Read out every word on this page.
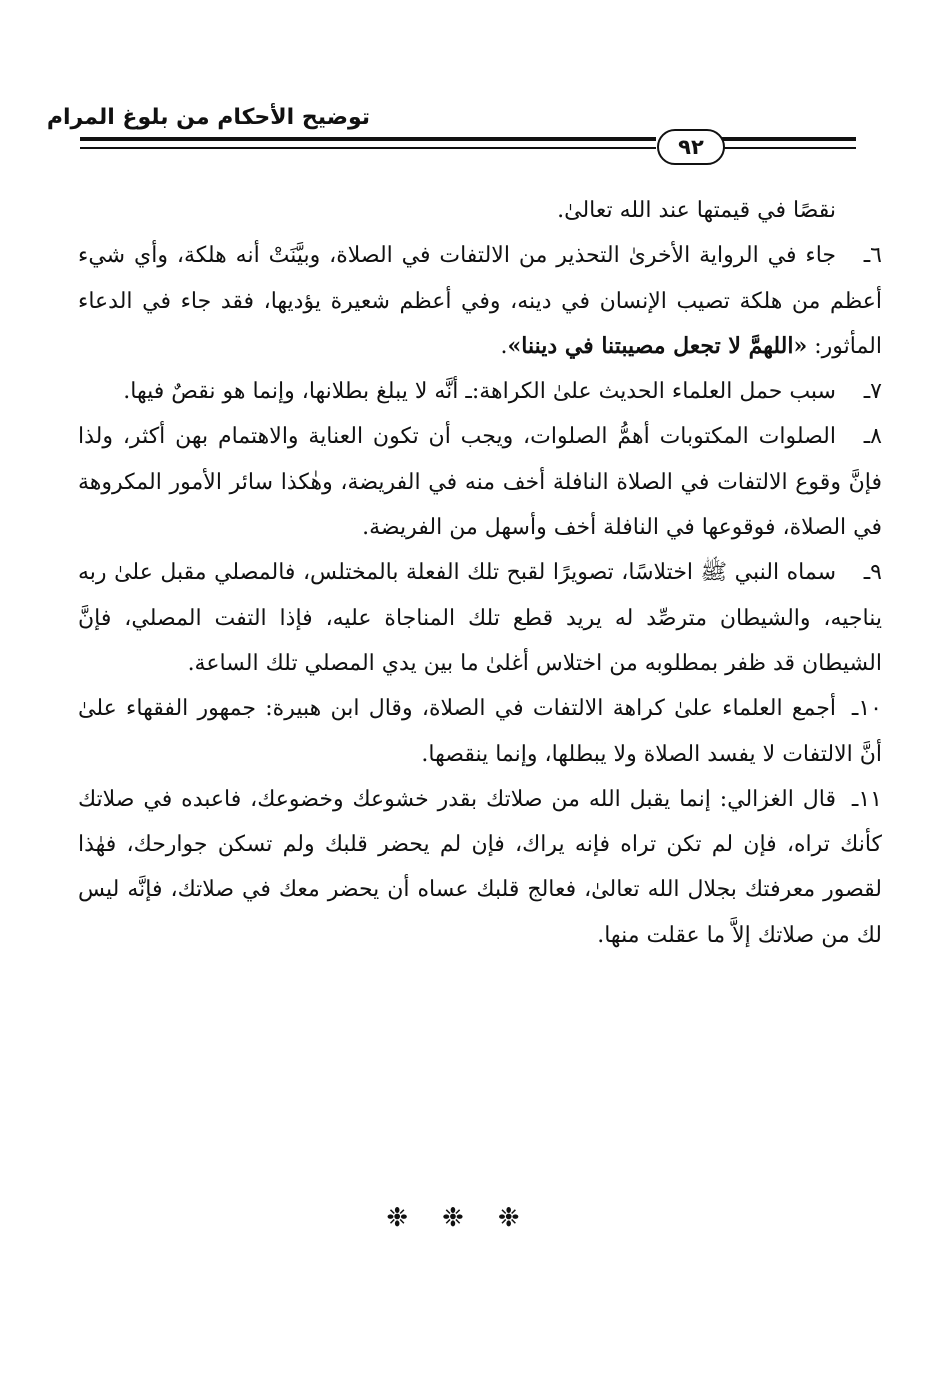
توضيح الأحكام من بلوغ المرام
٩٢

نقصًا في قيمتها عند الله تعالىٰ.

٦ـجاء في الرواية الأخرىٰ التحذير من الالتفات في الصلاة، وبيَّنَتْ أنه هلكة، وأي شيء أعظم من هلكة تصيب الإنسان في دينه، وفي أعظم شعيرة يؤديها، فقد جاء في الدعاء المأثور: «اللهمَّ لا تجعل مصيبتنا في ديننا».

٧ـسبب حمل العلماء الحديث علىٰ الكراهة:ـ أنَّه لا يبلغ بطلانها، وإنما هو نقصٌ فيها.

٨ـالصلوات المكتوبات أهمُّ الصلوات، ويجب أن تكون العناية والاهتمام بهن أكثر، ولذا فإنَّ وقوع الالتفات في الصلاة النافلة أخف منه في الفريضة، وهٰكذا سائر الأمور المكروهة في الصلاة، فوقوعها في النافلة أخف وأسهل من الفريضة.

٩ـسماه النبي ﷺ اختلاسًا، تصويرًا لقبح تلك الفعلة بالمختلس، فالمصلي مقبل علىٰ ربه يناجيه، والشيطان مترصِّد له يريد قطع تلك المناجاة عليه، فإذا التفت المصلي، فإنَّ الشيطان قد ظفر بمطلوبه من اختلاس أغلىٰ ما بين يدي المصلي تلك الساعة.

١٠ـأجمع العلماء علىٰ كراهة الالتفات في الصلاة، وقال ابن هبيرة: جمهور الفقهاء علىٰ أنَّ الالتفات لا يفسد الصلاة ولا يبطلها، وإنما ينقصها.

١١ـقال الغزالي: إنما يقبل الله من صلاتك بقدر خشوعك وخضوعك، فاعبده في صلاتك كأنك تراه، فإن لم تكن تراه فإنه يراك، فإن لم يحضر قلبك ولم تسكن جوارحك، فهٰذا لقصور معرفتك بجلال الله تعالىٰ، فعالج قلبك عساه أن يحضر معك في صلاتك، فإنَّه ليس لك من صلاتك إلاَّ ما عقلت منها.

❉❉❉
